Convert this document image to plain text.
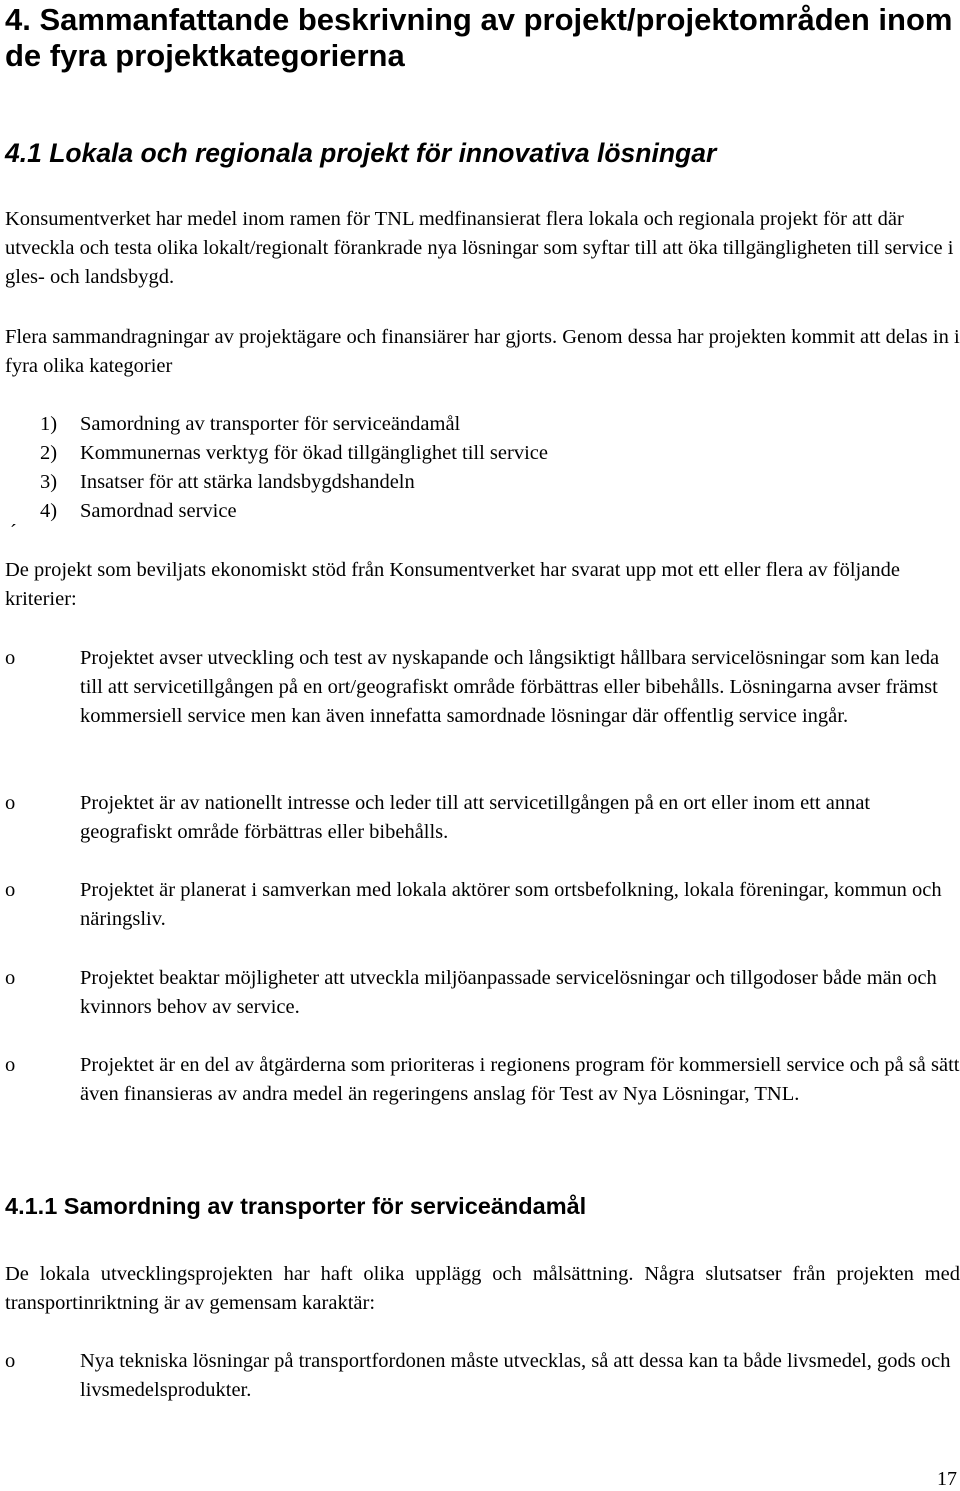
4. Sammanfattande beskrivning av projekt/projektområden inom de fyra projektkategorierna
4.1 Lokala och regionala projekt för innovativa lösningar

Konsumentverket har medel inom ramen för TNL medfinansierat flera lokala och regionala projekt för att där utveckla och testa olika lokalt/regionalt förankrade nya lösningar som syftar till att öka tillgängligheten till service i gles- och landsbygd.

Flera sammandragningar av projektägare och finansiärer har gjorts. Genom dessa har projekten kommit att delas in i fyra olika kategorier

1)	Samordning av transporter för serviceändamål
2)	Kommunernas verktyg för ökad tillgänglighet till service
3)	Insatser för att stärka landsbygdshandeln
4)	Samordnad service
´

De projekt som beviljats ekonomiskt stöd från Konsumentverket har svarat upp mot ett eller flera av följande kriterier:

o	Projektet avser utveckling och test av nyskapande och långsiktigt hållbara servicelösningar som kan leda till att servicetillgången på en ort/geografiskt område förbättras eller bibehålls. Lösningarna avser främst kommersiell service men kan även innefatta samordnade lösningar där offentlig service ingår.
o	Projektet är av nationellt intresse och leder till att servicetillgången på en ort eller inom ett annat geografiskt område förbättras eller bibehålls.
o	Projektet är planerat i samverkan med lokala aktörer som ortsbefolkning, lokala föreningar, kommun och näringsliv.
o	Projektet beaktar möjligheter att utveckla miljöanpassade servicelösningar och tillgodoser både män och kvinnors behov av service.
o	Projektet är en del av åtgärderna som prioriteras i regionens program för kommersiell service och på så sätt även finansieras av andra medel än regeringens anslag för Test av Nya Lösningar, TNL.
4.1.1 Samordning av transporter för serviceändamål

De lokala utvecklingsprojekten har haft olika upplägg och målsättning. Några slutsatser från projekten med transportinriktning är av gemensam karaktär:

o	Nya tekniska lösningar på transportfordonen måste utvecklas, så att dessa kan ta både livsmedel, gods och livsmedelsprodukter.
17
